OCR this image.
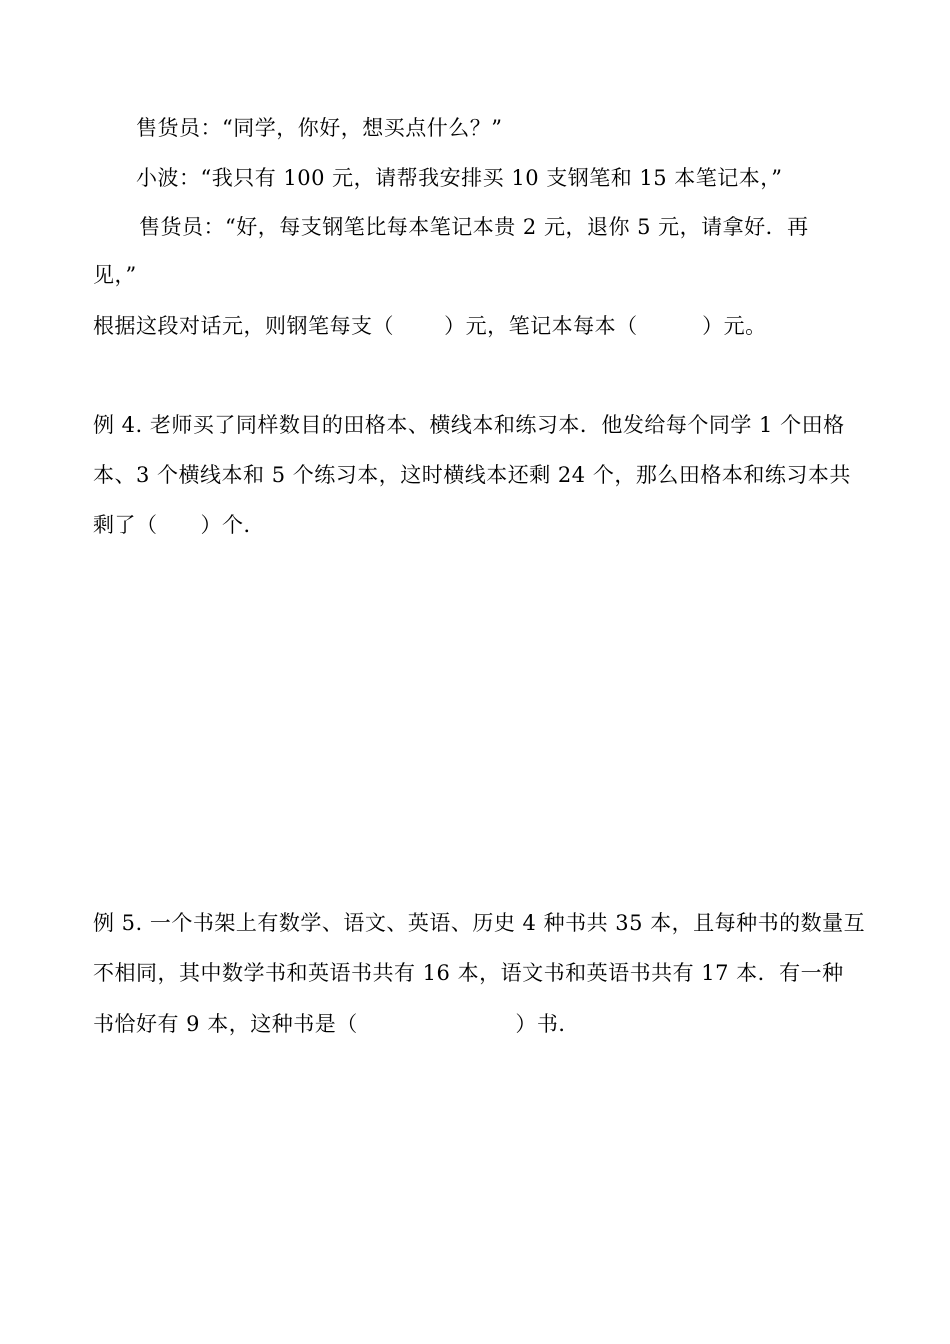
售货员：“同学，你好，想买点什么？”
小波：“我只有 100 元，请帮我安排买 10 支钢笔和 15 本笔记本，”
售货员：“好，每支钢笔比每本笔记本贵 2 元，退你 5 元，请拿好．再
见，”
根据这段对话元，则钢笔每支（　　 ）元，笔记本每本（　　　）元。
例 4. 老师买了同样数目的田格本、横线本和练习本．他发给每个同学 1 个田格
本、3 个横线本和 5 个练习本，这时横线本还剩 24 个，那么田格本和练习本共
剩了（　　）个．
例 5. 一个书架上有数学、语文、英语、历史 4 种书共 35 本，且每种书的数量互
不相同，其中数学书和英语书共有 16 本，语文书和英语书共有 17 本．有一种
书恰好有 9 本，这种书是（　　　　　　　 ）书．
